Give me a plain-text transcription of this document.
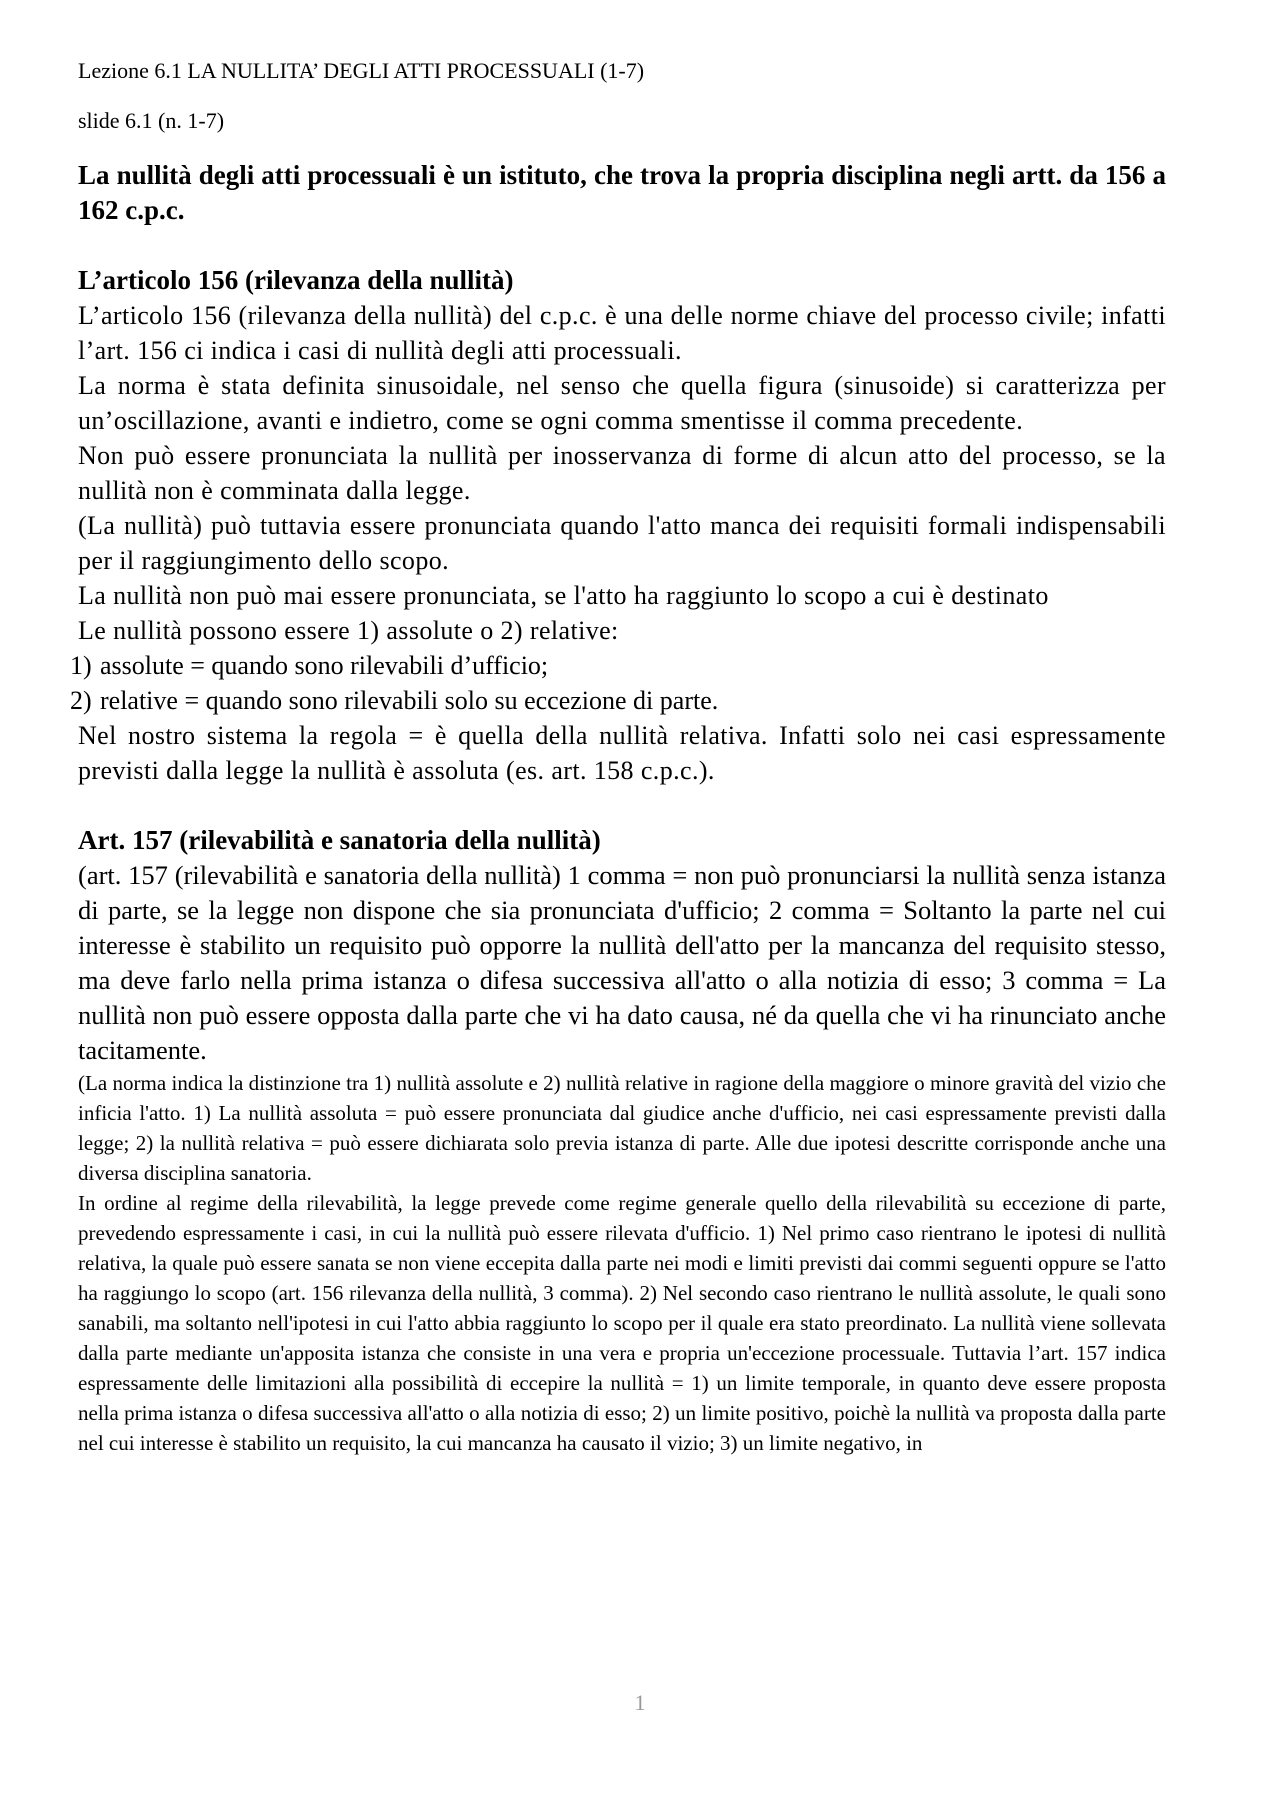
Lezione 6.1 LA NULLITA’ DEGLI ATTI PROCESSUALI (1-7)

slide 6.1 (n. 1-7)

La nullità degli atti processuali è un istituto, che trova la propria disciplina negli artt. da 156 a 162 c.p.c.

L’articolo 156 (rilevanza della nullità)

L’articolo 156 (rilevanza della nullità) del c.p.c. è una delle norme chiave del processo civile; infatti l’art. 156 ci indica i casi di nullità degli atti processuali.

La norma è stata definita sinusoidale, nel senso che quella figura (sinusoide) si caratterizza per un’oscillazione, avanti e indietro, come se ogni comma smentisse il comma precedente.

Non può essere pronunciata la nullità per inosservanza di forme di alcun atto del processo, se la nullità non è comminata dalla legge.

(La nullità) può tuttavia essere pronunciata quando l'atto manca dei requisiti formali indispensabili per il raggiungimento dello scopo.

La nullità non può mai essere pronunciata, se l'atto ha raggiunto lo scopo a cui è destinato

Le nullità possono essere 1) assolute o 2) relative:

1) assolute = quando sono rilevabili d’ufficio;
2) relative = quando sono rilevabili solo su eccezione di parte.

Nel nostro sistema la regola = è quella della nullità relativa. Infatti solo nei casi espressamente previsti dalla legge la nullità è assoluta (es. art. 158 c.p.c.).

Art. 157 (rilevabilità e sanatoria della nullità)

(art. 157 (rilevabilità e sanatoria della nullità) 1 comma = non può pronunciarsi la nullità senza istanza di parte, se la legge non dispone che sia pronunciata d'ufficio; 2 comma = Soltanto la parte nel cui interesse è stabilito un requisito può opporre la nullità dell'atto per la mancanza del requisito stesso, ma deve farlo nella prima istanza o difesa successiva all'atto o alla notizia di esso; 3 comma = La nullità non può essere opposta dalla parte che vi ha dato causa, né da quella che vi ha rinunciato anche tacitamente.

(La norma indica la distinzione tra 1) nullità assolute e 2) nullità relative in ragione della maggiore o minore gravità del vizio che inficia l'atto. 1) La nullità assoluta = può essere pronunciata dal giudice anche d'ufficio, nei casi espressamente previsti dalla legge; 2) la nullità relativa = può essere dichiarata solo previa istanza di parte. Alle due ipotesi descritte corrisponde anche una diversa disciplina sanatoria.

In ordine al regime della rilevabilità, la legge prevede come regime generale quello della rilevabilità su eccezione di parte, prevedendo espressamente i casi, in cui la nullità può essere rilevata d'ufficio. 1) Nel primo caso rientrano le ipotesi di nullità relativa, la quale può essere sanata se non viene eccepita dalla parte nei modi e limiti previsti dai commi seguenti oppure se l'atto ha raggiungo lo scopo (art. 156 rilevanza della nullità, 3 comma). 2) Nel secondo caso rientrano le nullità assolute, le quali sono sanabili, ma soltanto nell'ipotesi in cui l'atto abbia raggiunto lo scopo per il quale era stato preordinato. La nullità viene sollevata dalla parte mediante un'apposita istanza che consiste in una vera e propria un'eccezione processuale. Tuttavia l’art. 157 indica espressamente delle limitazioni alla possibilità di eccepire la nullità = 1) un limite temporale, in quanto deve essere proposta nella prima istanza o difesa successiva all'atto o alla notizia di esso; 2) un limite positivo, poichè la nullità va proposta dalla parte nel cui interesse è stabilito un requisito, la cui mancanza ha causato il vizio; 3) un limite negativo, in

1
